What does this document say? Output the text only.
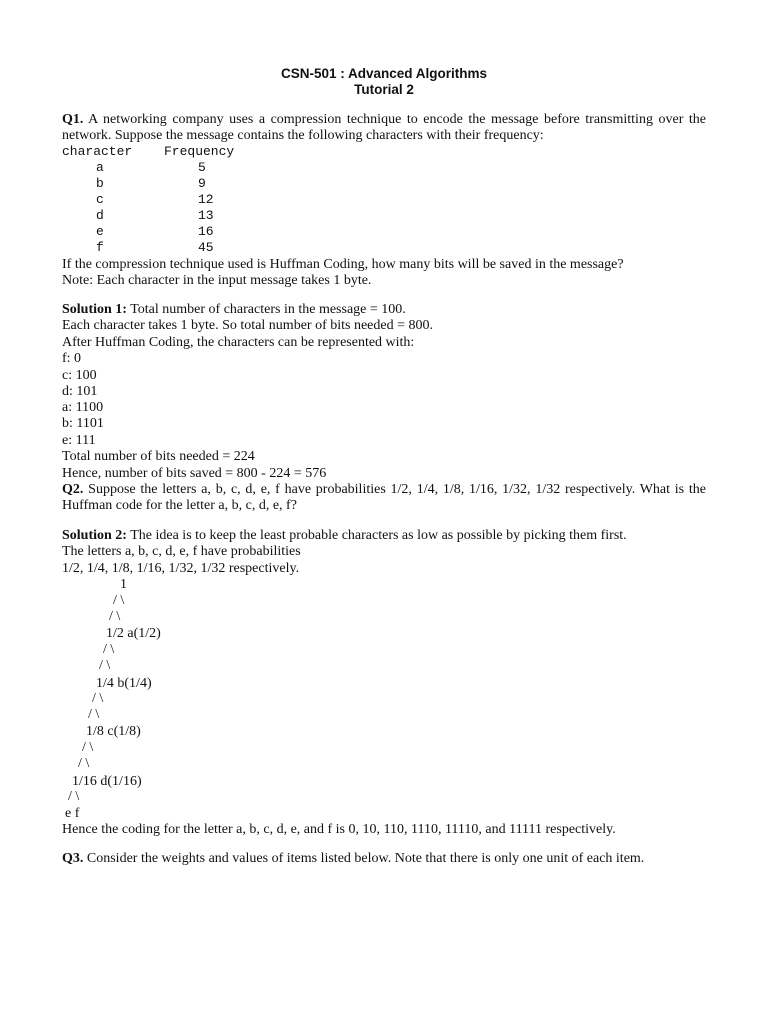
CSN-501 : Advanced Algorithms
Tutorial 2
Q1. A networking company uses a compression technique to encode the message before transmitting over the network. Suppose the message contains the following characters with their frequency:
character Frequency
a	5
b	9
c	12
d	13
e	16
f	45
If the compression technique used is Huffman Coding, how many bits will be saved in the message?
Note: Each character in the input message takes 1 byte.
Solution 1: Total number of characters in the message = 100.
Each character takes 1 byte. So total number of bits needed = 800.
After Huffman Coding, the characters can be represented with:
f: 0
c: 100
d: 101
a: 1100
b: 1101
e: 111
Total number of bits needed = 224
Hence, number of bits saved = 800 - 224 = 576
Q2. Suppose the letters a, b, c, d, e, f have probabilities 1/2, 1/4, 1/8, 1/16, 1/32, 1/32 respectively. What is the Huffman code for the letter a, b, c, d, e, f?
Solution 2: The idea is to keep the least probable characters as low as possible by picking them first.
The letters a, b, c, d, e, f have probabilities
1/2, 1/4, 1/8, 1/16, 1/32, 1/32 respectively.
1
/ \
/ \
1/2 a(1/2)
/ \
/ \
1/4 b(1/4)
/ \
/ \
1/8 c(1/8)
/ \
/ \
1/16 d(1/16)
/ \
e f
Hence the coding for the letter a, b, c, d, e, and f is 0, 10, 110, 1110, 11110, and 11111 respectively.
Q3. Consider the weights and values of items listed below. Note that there is only one unit of each item.
